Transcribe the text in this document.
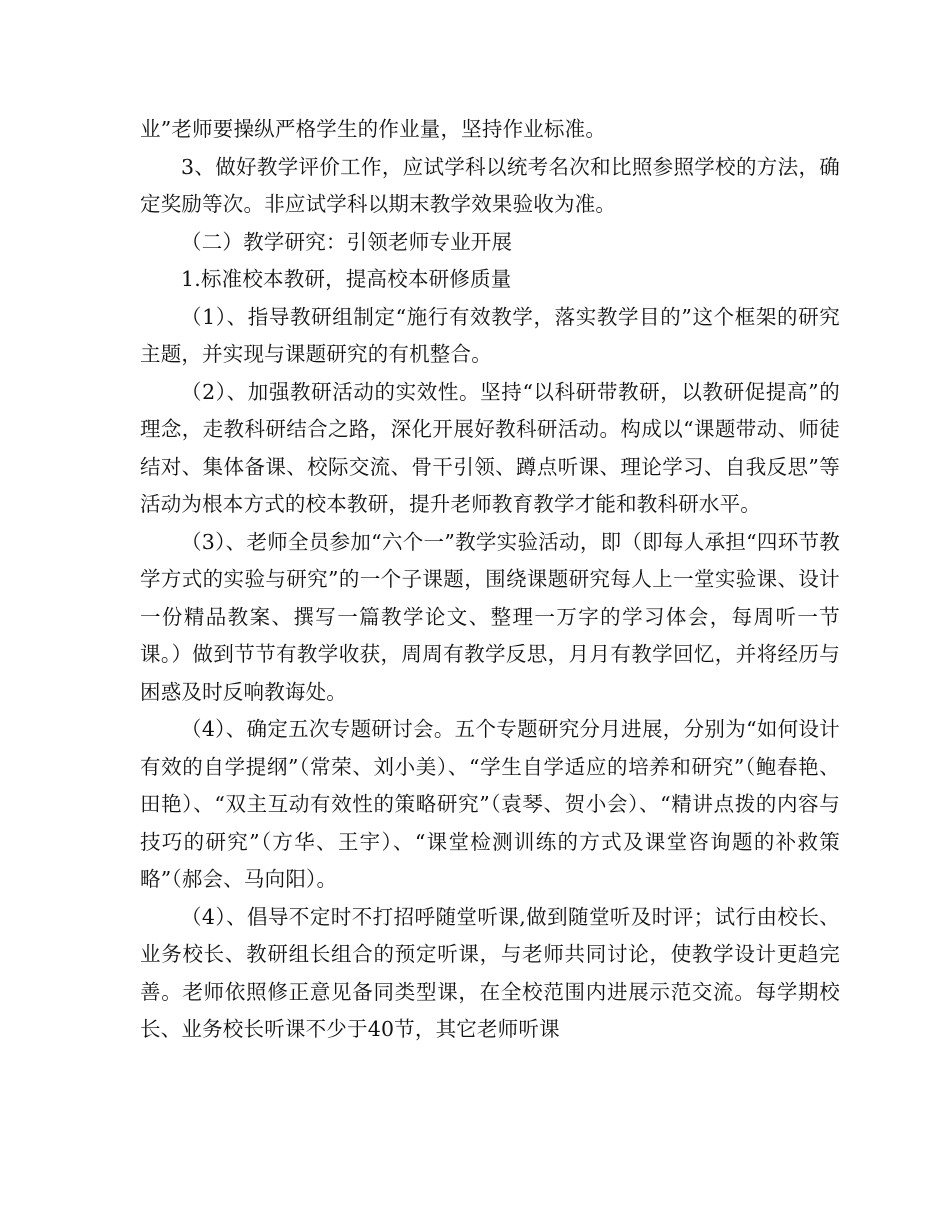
业”老师要操纵严格学生的作业量，坚持作业标准。

3、做好教学评价工作，应试学科以统考名次和比照参照学校的方法，确定奖励等次。非应试学科以期末教学效果验收为准。

（二）教学研究：引领老师专业开展

1.标准校本教研，提高校本研修质量

（1）、指导教研组制定“施行有效教学，落实教学目的”这个框架的研究主题，并实现与课题研究的有机整合。

（2）、加强教研活动的实效性。坚持“以科研带教研，以教研促提高”的理念，走教科研结合之路，深化开展好教科研活动。构成以“课题带动、师徒结对、集体备课、校际交流、骨干引领、蹲点听课、理论学习、自我反思”等活动为根本方式的校本教研，提升老师教育教学才能和教科研水平。

（3）、老师全员参加“六个一”教学实验活动，即（即每人承担“四环节教学方式的实验与研究”的一个子课题，围绕课题研究每人上一堂实验课、设计一份精品教案、撰写一篇教学论文、整理一万字的学习体会，每周听一节课。）做到节节有教学收获，周周有教学反思，月月有教学回忆，并将经历与困惑及时反响教诲处。

（4）、确定五次专题研讨会。五个专题研究分月进展，分别为“如何设计有效的自学提纲”（常荣、刘小美）、“学生自学适应的培养和研究”（鲍春艳、田艳）、“双主互动有效性的策略研究”（袁琴、贺小会）、“精讲点拨的内容与技巧的研究”（方华、王宇）、“课堂检测训练的方式及课堂咨询题的补救策略”（郝会、马向阳）。

（4）、倡导不定时不打招呼随堂听课,做到随堂听及时评；试行由校长、业务校长、教研组长组合的预定听课，与老师共同讨论，使教学设计更趋完善。老师依照修正意见备同类型课，在全校范围内进展示范交流。每学期校长、业务校长听课不少于40节，其它老师听课
